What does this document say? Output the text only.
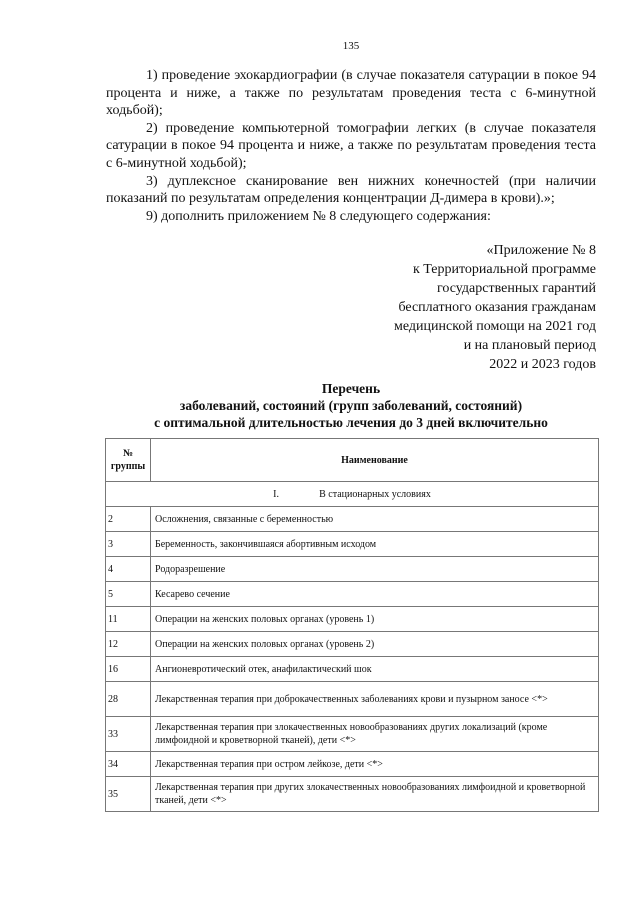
135

1) проведение эхокардиографии (в случае показателя сатурации в покое 94 процента и ниже, а также по результатам проведения теста с 6-минутной ходьбой);

2) проведение компьютерной томографии легких (в случае показателя сатурации в покое 94 процента и ниже, а также по результатам проведения теста с 6-минутной ходьбой);

3) дуплексное сканирование вен нижних конечностей (при наличии показаний по результатам определения концентрации Д-димера в крови).»;

9) дополнить приложением № 8 следующего содержания:

«Приложение № 8
к Территориальной программе
государственных гарантий
бесплатного оказания гражданам
медицинской помощи на 2021 год
и на плановый период
2022 и 2023 годов
Перечень
заболеваний, состояний (групп заболеваний, состояний)
с оптимальной длительностью лечения до 3 дней включительно
№ группы	Наименование
I. В стационарных условиях	
2	Осложнения, связанные с беременностью
3	Беременность, закончившаяся абортивным исходом
4	Родоразрешение
5	Кесарево сечение
11	Операции на женских половых органах (уровень 1)
12	Операции на женских половых органах (уровень 2)
16	Ангионевротический отек, анафилактический шок
28	Лекарственная терапия при доброкачественных заболеваниях крови и пузырном заносе <*>
33	Лекарственная терапия при злокачественных новообразованиях других локализаций (кроме лимфоидной и кроветворной тканей), дети <*>
34	Лекарственная терапия при остром лейкозе, дети <*>
35	Лекарственная терапия при других злокачественных новообразованиях лимфоидной и кроветворной тканей, дети <*>
